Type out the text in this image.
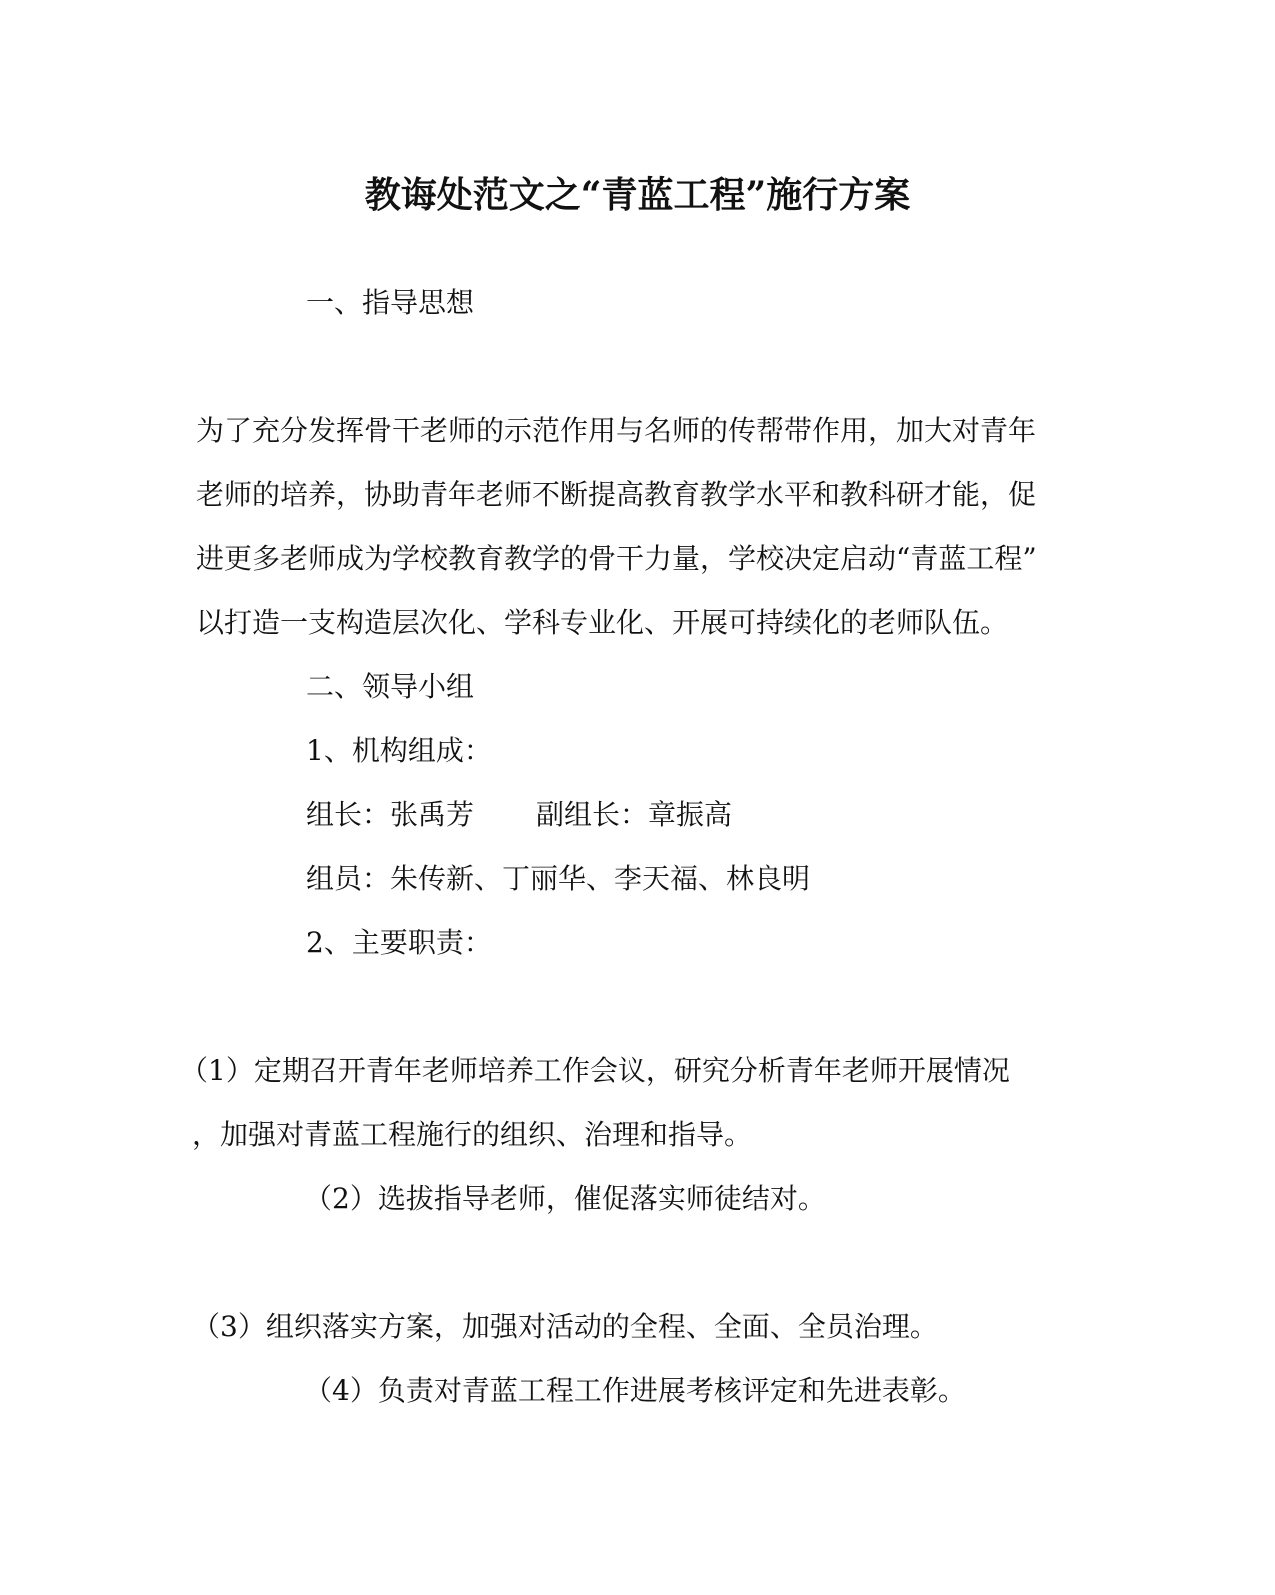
教诲处范文之“青蓝工程”施行方案
一、指导思想
为了充分发挥骨干老师的示范作用与名师的传帮带作用，加大对青年
老师的培养，协助青年老师不断提高教育教学水平和教科研才能，促
进更多老师成为学校教育教学的骨干力量，学校决定启动“青蓝工程”
以打造一支构造层次化、学科专业化、开展可持续化的老师队伍。
二、领导小组
1、机构组成：
组长：张禹芳 副组长：章振高
组员：朱传新、丁丽华、李天福、林良明
2、主要职责：
（1）定期召开青年老师培养工作会议，研究分析青年老师开展情况
，加强对青蓝工程施行的组织、治理和指导。
（2）选拔指导老师，催促落实师徒结对。
（3）组织落实方案，加强对活动的全程、全面、全员治理。
（4）负责对青蓝工程工作进展考核评定和先进表彰。
